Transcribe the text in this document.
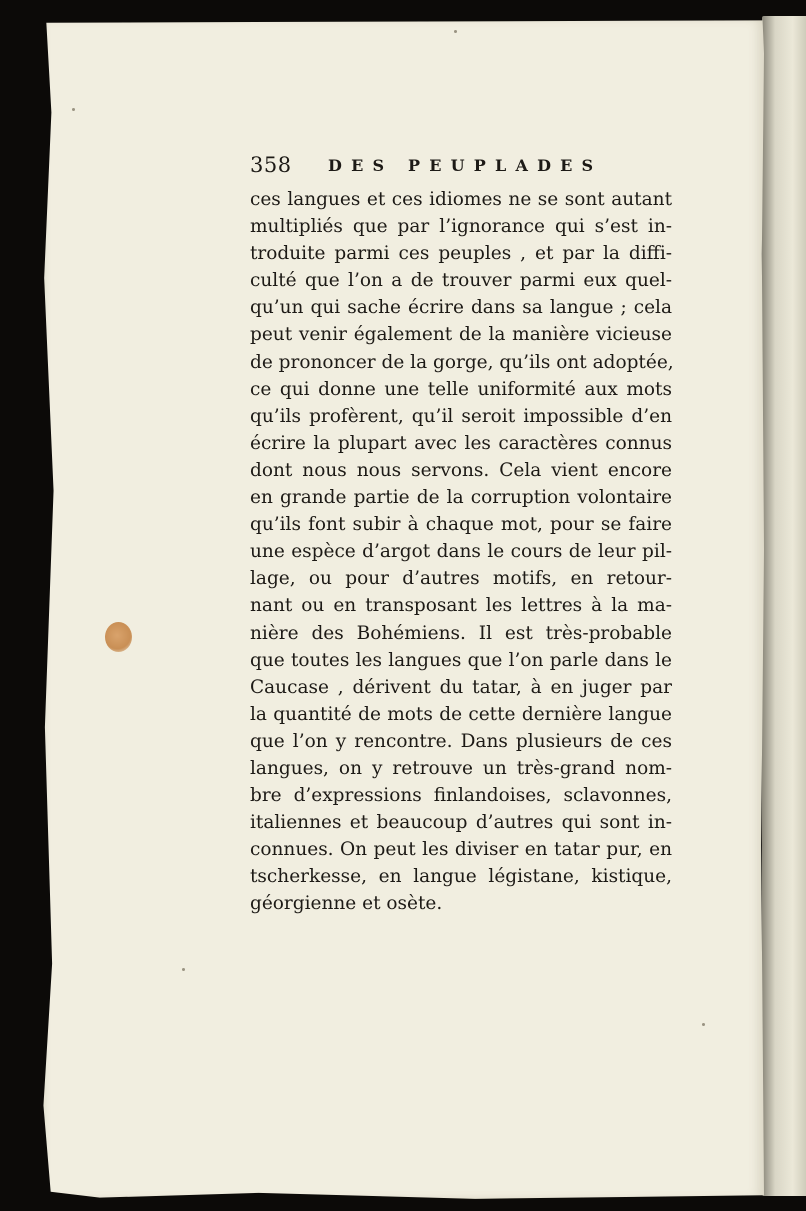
358 DES PEUPLADES
ces langues et ces idiomes ne se sont autant
multipliés que par l’ignorance qui s’est in-
troduite parmi ces peuples , et par la diffi-
culté que l’on a de trouver parmi eux quel-
qu’un qui sache écrire dans sa langue ; cela
peut venir également de la manière vicieuse
de prononcer de la gorge, qu’ils ont adoptée,
ce qui donne une telle uniformité aux mots
qu’ils profèrent, qu’il seroit impossible d’en
écrire la plupart avec les caractères connus
dont nous nous servons. Cela vient encore
en grande partie de la corruption volontaire
qu’ils font subir à chaque mot, pour se faire
une espèce d’argot dans le cours de leur pil-
lage, ou pour d’autres motifs, en retour-
nant ou en transposant les lettres à la ma-
nière des Bohémiens. Il est très-probable
que toutes les langues que l’on parle dans le
Caucase , dérivent du tatar, à en juger par
la quantité de mots de cette dernière langue
que l’on y rencontre. Dans plusieurs de ces
langues, on y retrouve un très-grand nom-
bre d’expressions finlandoises, sclavonnes,
italiennes et beaucoup d’autres qui sont in-
connues. On peut les diviser en tatar pur, en
tscherkesse, en langue légistane, kistique,
géorgienne et osète.
